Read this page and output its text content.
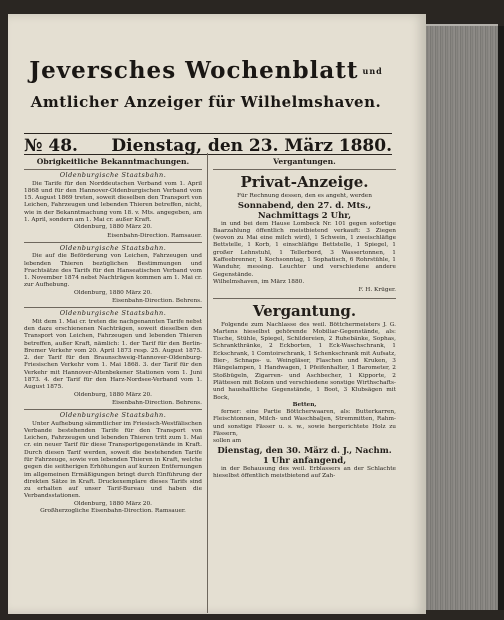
Jeversches Wochenblatt $^{und}$
Amtlicher Anzeiger für Wilhelmshaven.
№ 48. Dienstag, den 23. März 1880.
Obrigkeitliche Bekanntmachungen.
Oldenburgische Staatsbahn.
Die Tarife für den Norddeutschen Verband vom 1. April 1868 und für den Hannover-Oldenburgischen Verband vom 15. August 1869 treten, soweit dieselben den Transport von Leichen, Fahrzeugen und lebenden Thieren betreffen, nicht, wie in der Bekanntmachung vom 18. v. Mts. angegeben, am 1. April, sondern am 1. Mai cr. außer Kraft.
Oldenburg, 1880 März 20.
Eisenbahn-Direction. Ramsauer.
Oldenburgische Staatsbahn.
Die auf die Beförderung von Leichen, Fahrzeugen und lebenden Thieren bezüglichen Bestimmungen und Frachtsätze des Tarifs für den Hanseatischen Verband vom 1. November 1874 nebst Nachträgen kommen am 1. Mai cr. zur Aufhebung.
Oldenburg, 1880 März 20.
Eisenbahn-Direction. Behrens.
Oldenburgische Staatsbahn.
Mit dem 1. Mai cr. treten die nachgenannten Tarife nebst den dazu erschienenen Nachträgen, soweit dieselben den Transport von Leichen, Fahrzeugen und lebenden Thieren betreffen, außer Kraft, nämlich: 1. der Tarif für den Berlin-Bremer Verkehr vom 20. April 1873 resp. 25. August 1875. 2. der Tarif für den Braunschweig-Hannover-Oldenburg-Friesischen Verkehr vom 1. Mai 1868. 3. der Tarif für den Verkehr mit Hannover-Altenbekener Stationen vom 1. Juni 1873. 4. der Tarif für den Harz-Nordsee-Verband vom 1. August 1875.
Oldenburg, 1880 März 20.
Eisenbahn-Direction. Behrens.
Oldenburgische Staatsbahn.
Unter Aufhebung sämmtlicher im Friesisch-Westfälischen Verbande bestehenden Tarife für den Transport von Leichen, Fahrzeugen und lebenden Thieren tritt zum 1. Mai cr. ein neuer Tarif für diese Transportgegenstände in Kraft. Durch diesen Tarif werden, soweit die bestehenden Tarife für Fahrzeuge, sowie von lebenden Thieren in Kraft, welche gegen die seitherigen Erhöhungen auf kurzen Entfernungen im allgemeinen Ermäßigungen bringt durch Einführung der direkten Sätze in Kraft. Druckexemplare dieses Tarifs sind zu erhalten auf unser Tarif-Bureau und haben die Verbandsstationen.
Oldenburg, 1880 März 20.
Großherzogliche Eisenbahn-Direction. Ramsauer.
Vergantungen.
Privat-Anzeige.
Für Rechnung dessen, den es angeht, werden
Sonnabend, den 27. d. Mts., Nachmittags 2 Uhr,
in und bei dem Hause Lombeck Nr. 101 gegen sofortige Baarzahlung öffentlich meistbietend verkauft: 3 Ziegen (wovon zu Mai eine milch wird), 1 Schwein, 1 zweischläfige Bettstelle, 1 Korb, 1 einschläfige Bettstelle, 1 Spiegel, 1 großer Lehnstuhl, 1 Tellerbord, 3 Wassertonnen, 1 Kaffeebrenner, 1 Kochsonntag, 1 Sophatisch, 6 Rohrstühle, 1 Wanduhr, messing. Leuchter und verschiedene andere Gegenstände.
Wilhelmshaven, im März 1880.
F. H. Krüger.
Vergantung.
Folgende zum Nachlasse des weil. Böttchermeisters J. G. Martens hieselbst gehörende Mobiliar-Gegenstände, als: Tische, Stühle, Spiegel, Schildereien, 2 Ruhebänke, Sophas, Schrankthränke, 2 Eckborten, 1 Eck-Waschschrank, 1 Eckschrank, 1 Comtoirschrank, 1 Schenkschrank mit Aufsatz, Bier-, Schnaps- u. Weingläser, Flaschen und Kruken, 3 Hängelampen, 1 Handwagen, 1 Pfeifenhalter, 1 Barometer, 2 Stoßbügeln, Zigarren- und Aschbecher, 1 Kipporte, 2 Plättesen mit Bolzen und verschiedene sonstige Wirthschafts- und haushaltliche Gegenstände, 1 Boot, 3 Klubsägen mit Bock,
Betten,
ferner: eine Partie Böttcherwaaren, als: Butterkarren, Fleischtonnen, Milch- und Waschbaljen, Stremmitten, Rahm- und sonstige Fässer u. s. w., sowie hergerichtete Holz zu Fässern,
sollen am
Dienstag, den 30. März d. J., Nachm. 1 Uhr anfangend,
in der Behausung des weil. Erblassers an der Schlachte hieselbst öffentlich meistbietend auf Zah-
